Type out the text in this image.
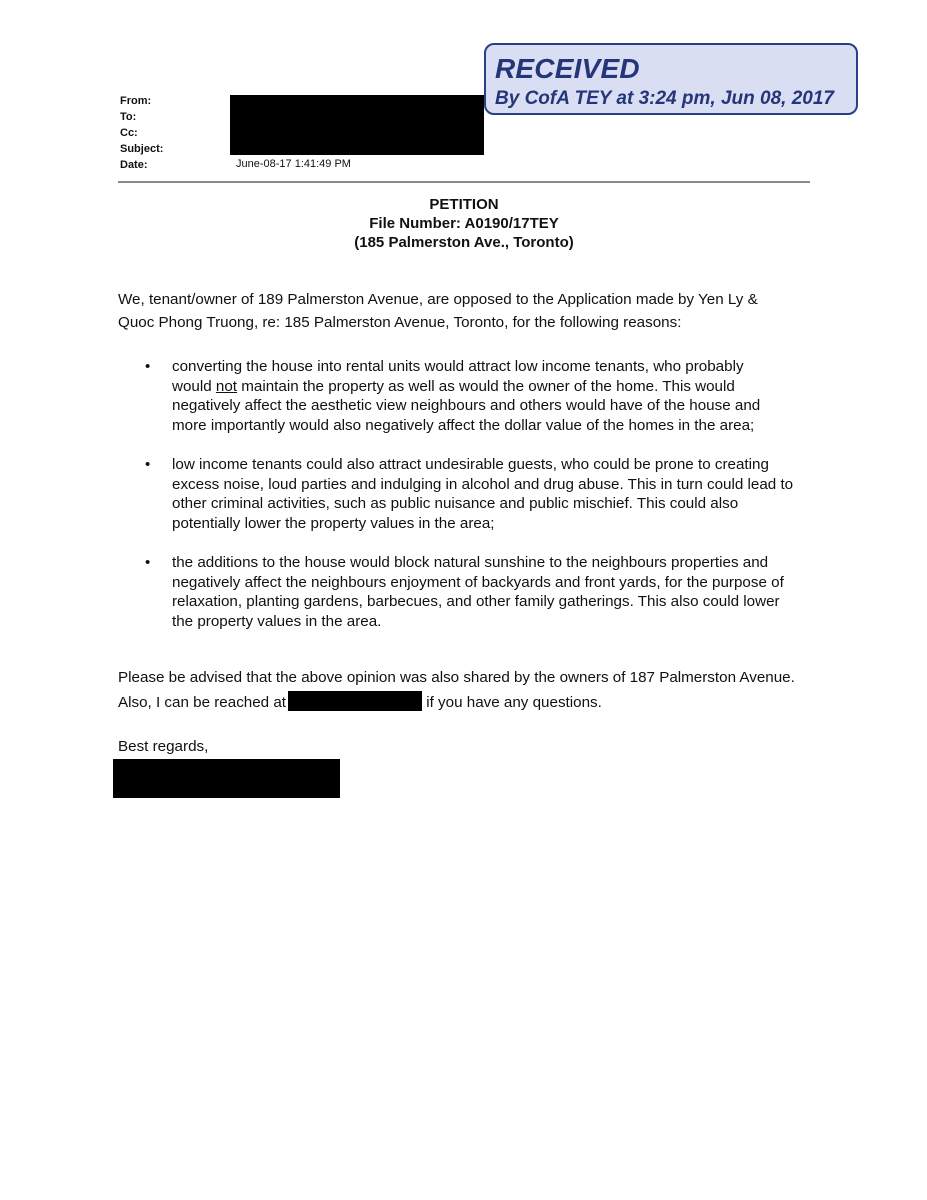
RECEIVED
By CofA TEY at 3:24 pm, Jun 08, 2017
From:
To:
Cc:
Subject:
Date:	June-08-17 1:41:49 PM
PETITION
File Number: A0190/17TEY
(185 Palmerston Ave., Toronto)
We, tenant/owner of 189 Palmerston Avenue, are opposed to the Application made by Yen Ly &
Quoc Phong Truong, re: 185 Palmerston Avenue, Toronto, for the following reasons:
• converting the house into rental units would attract low income tenants, who probably
would not maintain the property as well as would the owner of the home. This would
negatively affect the aesthetic view neighbours and others would have of the house and
more importantly would also negatively affect the dollar value of the homes in the area;
• low income tenants could also attract undesirable guests, who could be prone to creating
excess noise, loud parties and indulging in alcohol and drug abuse. This in turn could lead to
other criminal activities, such as public nuisance and public mischief. This could also
potentially lower the property values in the area;
• the additions to the house would block natural sunshine to the neighbours properties and
negatively affect the neighbours enjoyment of backyards and front yards, for the purpose of
relaxation, planting gardens, barbecues, and other family gatherings. This also could lower
the property values in the area.
Please be advised that the above opinion was also shared by the owners of 187 Palmerston Avenue.
Also, I can be reached at	if you have any questions.
Best regards,
